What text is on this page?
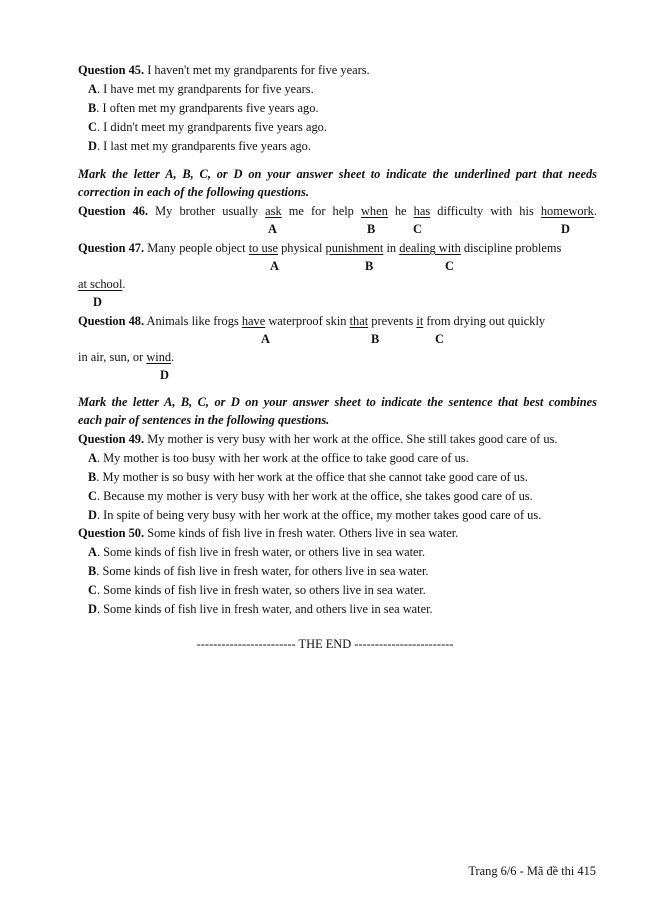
Question 45. I haven't met my grandparents for five years.
A. I have met my grandparents for five years.
B. I often met my grandparents five years ago.
C. I didn't meet my grandparents five years ago.
D. I last met my grandparents five years ago.
Mark the letter A, B, C, or D on your answer sheet to indicate the underlined part that needs
correction in each of the following questions.
Question 46. My brother usually ask me for help when he has difficulty with his homework.
A	B	C	D
Question 47. Many people object to use physical punishment in dealing with discipline problems
A	B	C
at school.
D
Question 48. Animals like frogs have waterproof skin that prevents it from drying out quickly
A	B	C
in air, sun, or wind.
D
Mark the letter A, B, C, or D on your answer sheet to indicate the sentence that best combines
each pair of sentences in the following questions.
Question 49. My mother is very busy with her work at the office. She still takes good care of us.
A. My mother is too busy with her work at the office to take good care of us.
B. My mother is so busy with her work at the office that she cannot take good care of us.
C. Because my mother is very busy with her work at the office, she takes good care of us.
D. In spite of being very busy with her work at the office, my mother takes good care of us.
Question 50. Some kinds of fish live in fresh water. Others live in sea water.
A. Some kinds of fish live in fresh water, or others live in sea water.
B. Some kinds of fish live in fresh water, for others live in sea water.
C. Some kinds of fish live in fresh water, so others live in sea water.
D. Some kinds of fish live in fresh water, and others live in sea water.
------------------------ THE END ------------------------
Trang 6/6 - Mã đề thi 415
